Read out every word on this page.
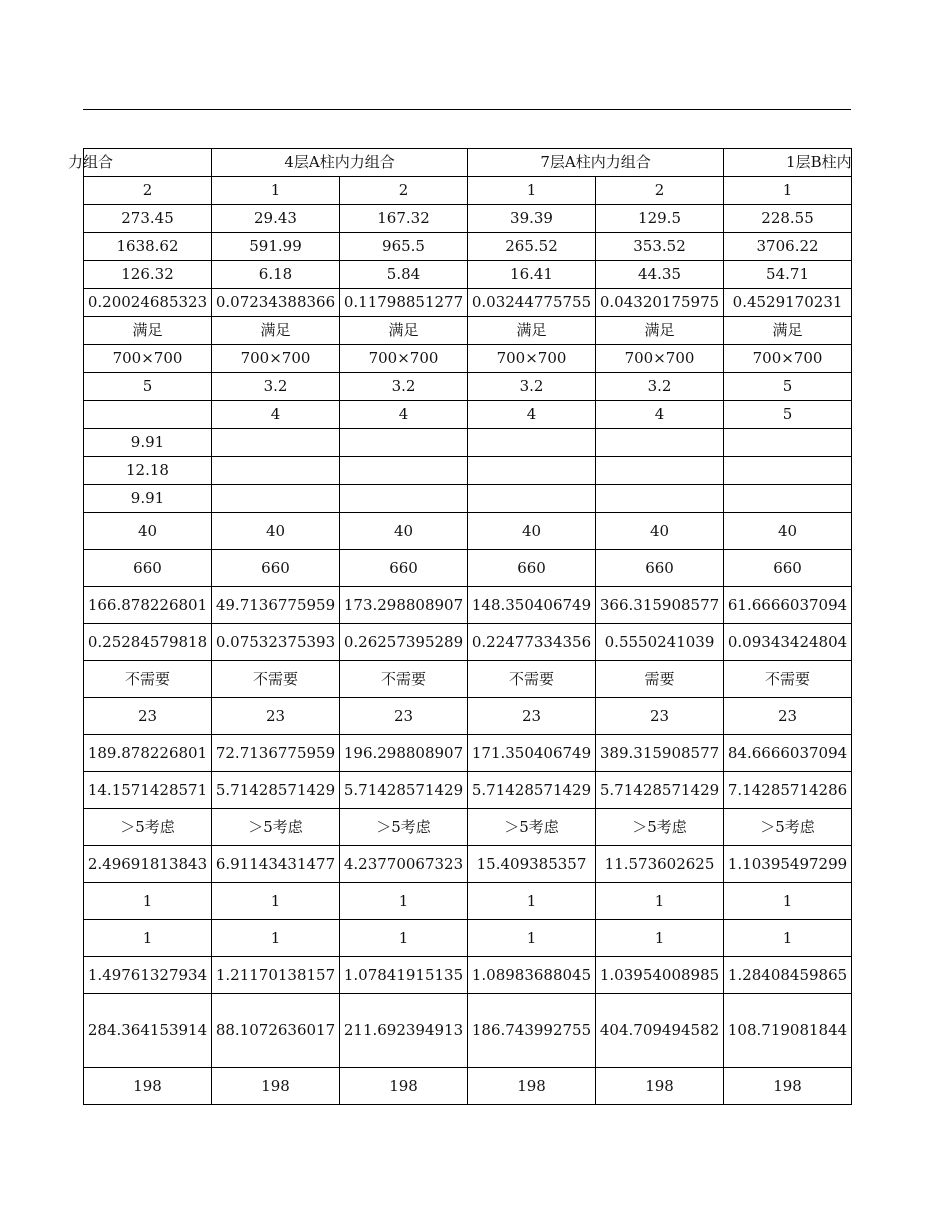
力组合	4层A柱内力组合		7层A柱内力组合		1层B柱内
2	1	2	1	2	1
273.45	29.43	167.32	39.39	129.5	228.55
1638.62	591.99	965.5	265.52	353.52	3706.22
126.32	6.18	5.84	16.41	44.35	54.71
0.20024685323	0.07234388366	0.11798851277	0.03244775755	0.04320175975	0.4529170231
满足	满足	满足	满足	满足	满足
700×700	700×700	700×700	700×700	700×700	700×700
5	3.2	3.2	3.2	3.2	5
	4	4	4	4	5
9.91					
12.18					
9.91					
40	40	40	40	40	40
660	660	660	660	660	660
166.878226801	49.7136775959	173.298808907	148.350406749	366.315908577	61.6666037094
0.25284579818	0.07532375393	0.26257395289	0.22477334356	0.5550241039	0.09343424804
不需要	不需要	不需要	不需要	需要	不需要
23	23	23	23	23	23
189.878226801	72.7136775959	196.298808907	171.350406749	389.315908577	84.6666037094
14.1571428571	5.71428571429	5.71428571429	5.71428571429	5.71428571429	7.14285714286
＞5考虑	＞5考虑	＞5考虑	＞5考虑	＞5考虑	＞5考虑
2.49691813843	6.91143431477	4.23770067323	15.409385357	11.573602625	1.10395497299
1	1	1	1	1	1
1	1	1	1	1	1
1.49761327934	1.21170138157	1.07841915135	1.08983688045	1.03954008985	1.28408459865
284.364153914	88.1072636017	211.692394913	186.743992755	404.709494582	108.719081844
198	198	198	198	198	198
